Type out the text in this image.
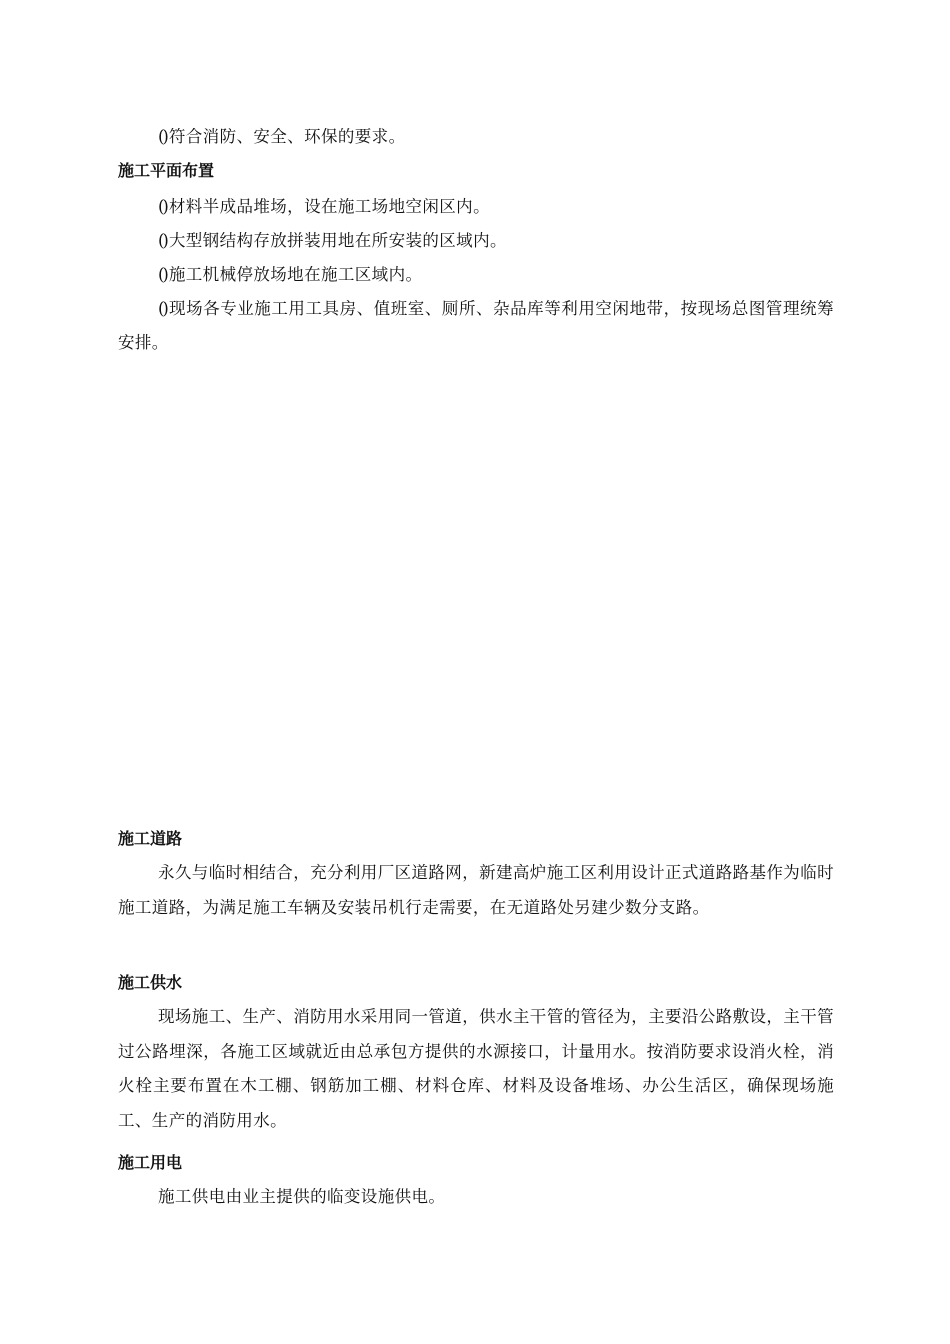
() 符合消防、安全、环保的要求。

施工平面布置

() 材料半成品堆场，设在施工场地空闲区内。

() 大型钢结构存放拼装用地在所安装的区域内。

() 施工机械停放场地在施工区域内。

() 现场各专业施工用工具房、值班室、厕所、杂品库等利用空闲地带，按现场总图管理统筹安排。

施工道路

永久与临时相结合，充分利用厂区道路网，新建高炉施工区利用设计正式道路路基作为临时施工道路，为满足施工车辆及安装吊机行走需要，在无道路处另建少数分支路。

施工供水

现场施工、生产、消防用水采用同一管道，供水主干管的管径为，主要沿公路敷设，主干管过公路埋深，各施工区域就近由总承包方提供的水源接口，计量用水。按消防要求设消火栓，消火栓主要布置在木工棚、钢筋加工棚、材料仓库、材料及设备堆场、办公生活区，确保现场施工、生产的消防用水。

施工用电

施工供电由业主提供的临变设施供电。
